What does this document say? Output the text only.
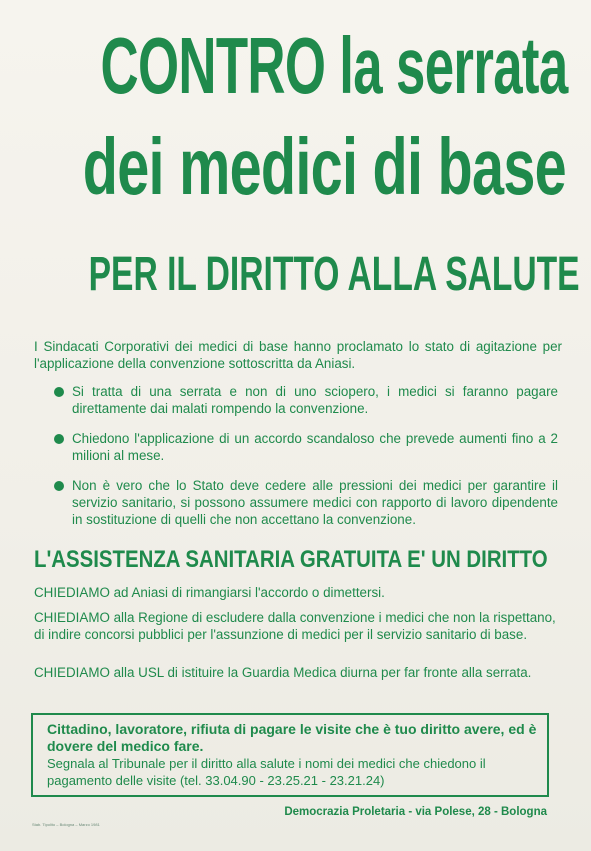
CONTRO la serrata
dei medici di base
PER IL DIRITTO ALLA SALUTE
I Sindacati Corporativi dei medici di base hanno proclamato lo stato di agitazione per l'applicazione della convenzione sottoscritta da Aniasi.
Si tratta di una serrata e non di uno sciopero, i medici si faranno pagare direttamente dai malati rompendo la convenzione.
Chiedono l'applicazione di un accordo scandaloso che prevede aumenti fino a 2 milioni al mese.
Non è vero che lo Stato deve cedere alle pressioni dei medici per garantire il servizio sanitario, si possono assumere medici con rapporto di lavoro dipendente in sostituzione di quelli che non accettano la convenzione.
L'ASSISTENZA SANITARIA GRATUITA E' UN DIRITTO
CHIEDIAMO ad Aniasi di rimangiarsi l'accordo o dimettersi.
CHIEDIAMO alla Regione di escludere dalla convenzione i medici che non la rispettano, di indire concorsi pubblici per l'assunzione di medici per il servizio sanitario di base.
CHIEDIAMO alla USL di istituire la Guardia Medica diurna per far fronte alla serrata.
Cittadino, lavoratore, rifiuta di pagare le visite che è tuo diritto avere, ed è dovere del medico fare.
Segnala al Tribunale per il diritto alla salute i nomi dei medici che chiedono il pagamento delle visite (tel. 33.04.90 - 23.25.21 - 23.21.24)
Democrazia Proletaria - via Polese, 28 - Bologna
Stab. Tipolito – Bologna – Marzo 1981
